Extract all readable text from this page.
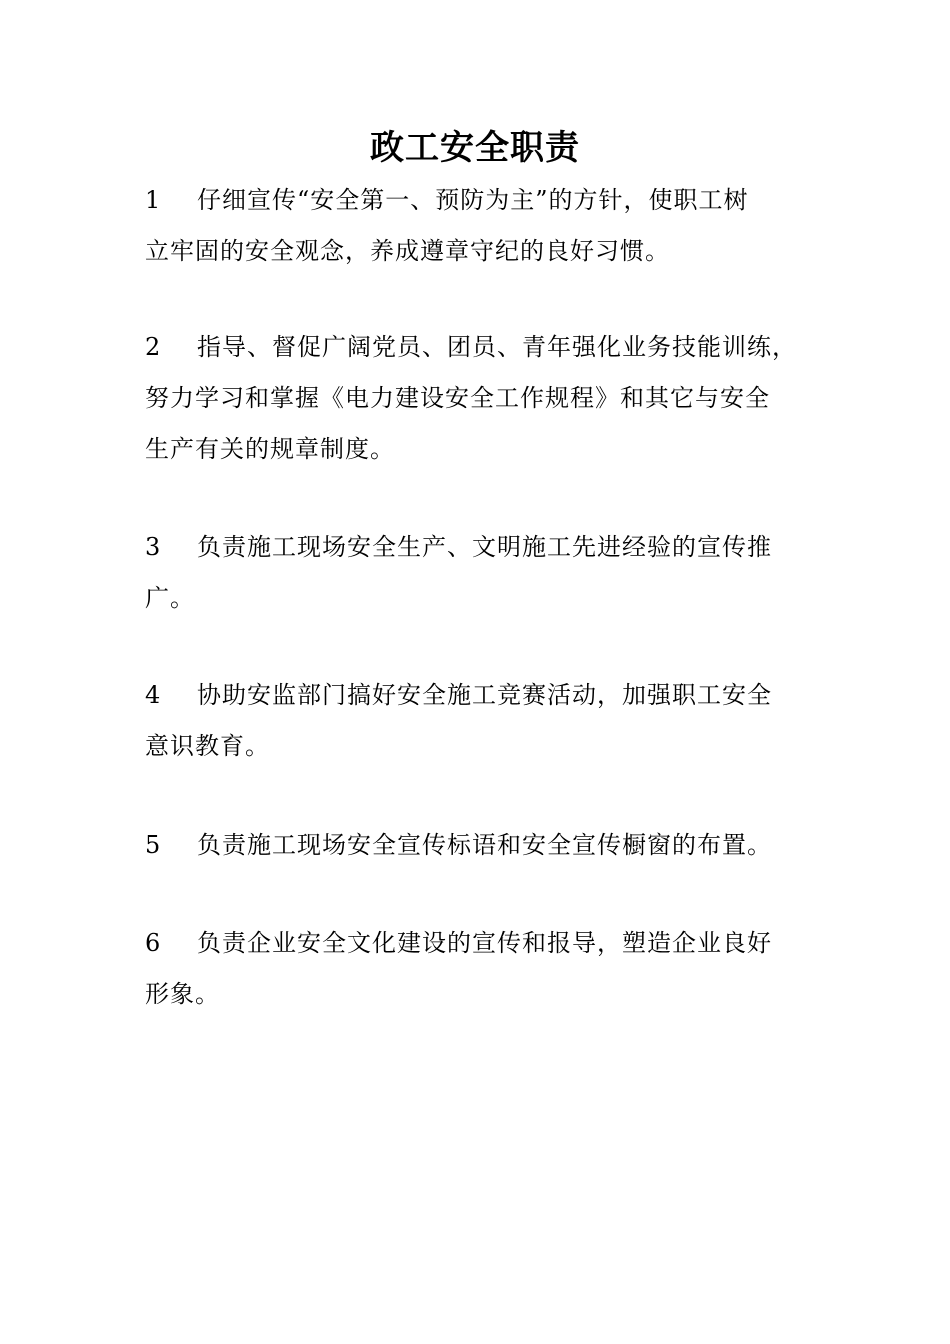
政工安全职责
1 仔细宣传“安全第一、预防为主”的方针，使职工树
立牢固的安全观念，养成遵章守纪的良好习惯。
2 指导、督促广阔党员、团员、青年强化业务技能训练，
努力学习和掌握《电力建设安全工作规程》和其它与安全
生产有关的规章制度。
3 负责施工现场安全生产、文明施工先进经验的宣传推
广。
4 协助安监部门搞好安全施工竞赛活动，加强职工安全
意识教育。
5 负责施工现场安全宣传标语和安全宣传橱窗的布置。
6 负责企业安全文化建设的宣传和报导，塑造企业良好
形象。
